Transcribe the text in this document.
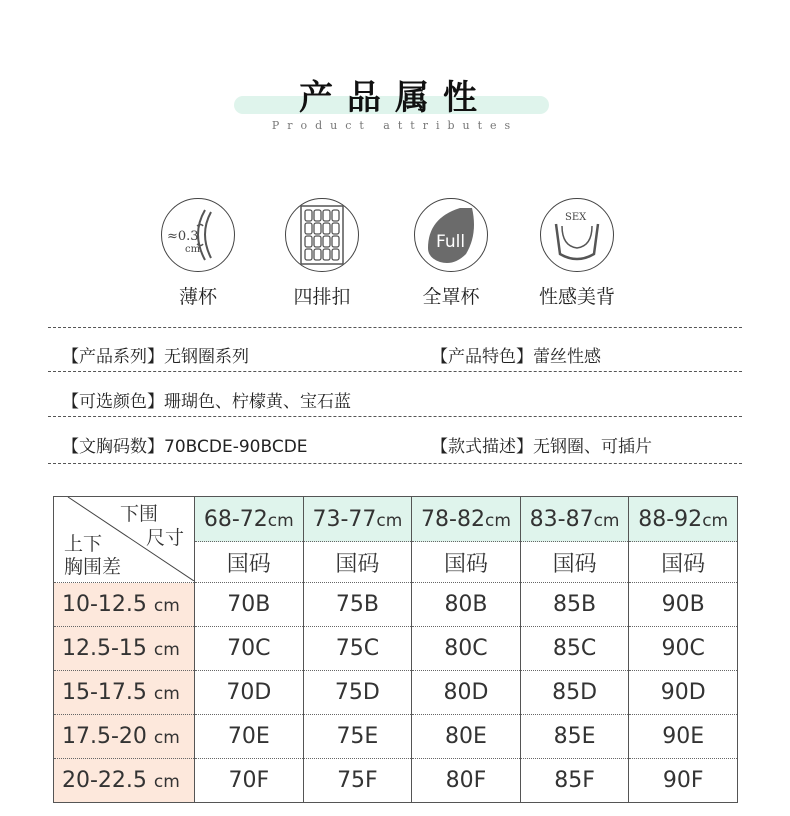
产品属性
Product attributes
≈0.3
cm
薄杯	四排扣
Full
全罩杯
SEX
性感美背
【产品系列】无钢圈系列	【产品特色】蕾丝性感
【可选颜色】珊瑚色、柠檬黄、宝石蓝
【文胸码数】70BCDE-90BCDE	【款式描述】无钢圈、可插片
下围
尺寸
上下
胸围差	68-72cm	73-77cm	78-82cm	83-87cm	88-92cm
	国码	国码	国码	国码	国码
10-12.5 cm	70B	75B	80B	85B	90B
12.5-15 cm	70C	75C	80C	85C	90C
15-17.5 cm	70D	75D	80D	85D	90D
17.5-20 cm	70E	75E	80E	85E	90E
20-22.5 cm	70F	75F	80F	85F	90F
